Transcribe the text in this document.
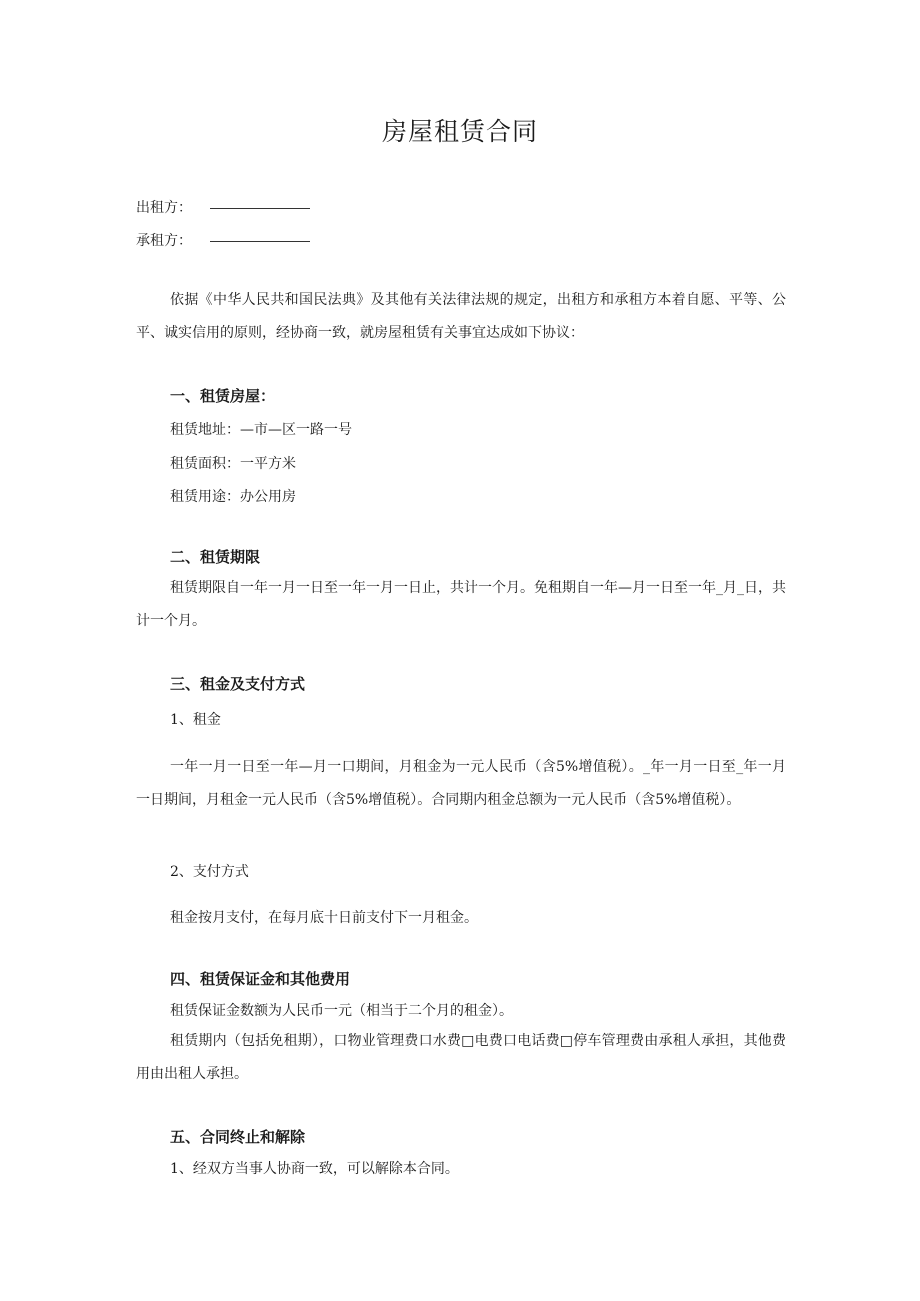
房屋租赁合同
出租方：
承租方：

依据《中华人民共和国民法典》及其他有关法律法规的规定，出租方和承租方本着自愿、平等、公平、诚实信用的原则，经协商一致，就房屋租赁有关事宜达成如下协议：

一、租赁房屋：
租赁地址：—市—区一路一号
租赁面积：一平方米
租赁用途：办公用房
二、租赁期限

租赁期限自一年一月一日至一年一月一日止，共计一个月。免租期自一年—月一日至一年_月_日，共计一个月。

三、租金及支付方式
1、租金

一年一月一日至一年—月一口期间，月租金为一元人民币（含5%增值税）。_年一月一日至_年一月一日期间，月租金一元人民币（含5%增值税）。合同期内租金总额为一元人民币（含5%增值税）。

2、支付方式
租金按月支付，在每月底十日前支付下一月租金。
四、租赁保证金和其他费用
租赁保证金数额为人民币一元（相当于二个月的租金）。

租赁期内（包括免租期），口物业管理费口水费□电费口电话费□停车管理费由承租人承担，其他费用由出租人承担。

五、合同终止和解除
1、经双方当事人协商一致，可以解除本合同。
